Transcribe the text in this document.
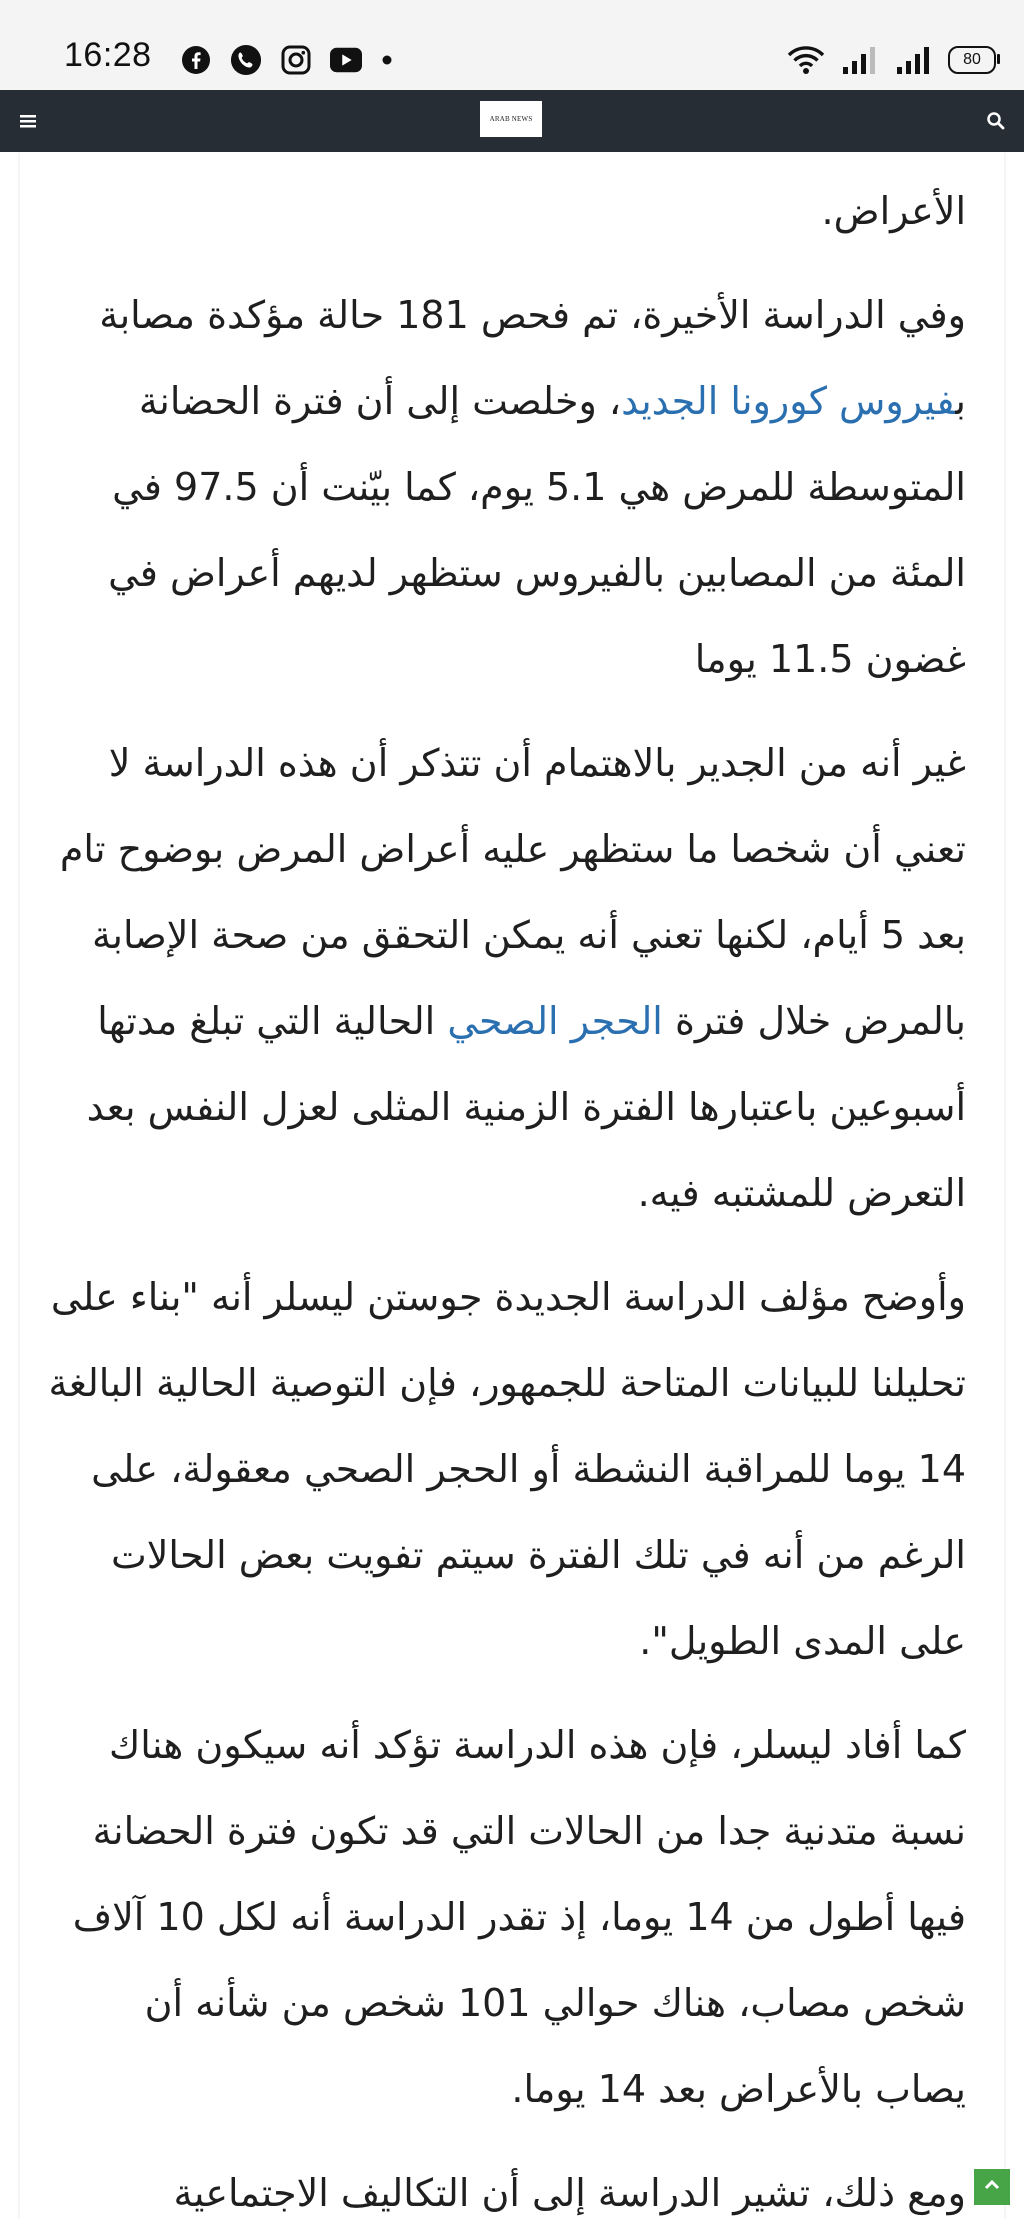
16:28	80
ARAB NEWS

الأعراض.

وفي الدراسة الأخيرة، تم فحص 181 حالة مؤكدة مصابة بفيروس كورونا الجديد، وخلصت إلى أن فترة الحضانة المتوسطة للمرض هي 5.1 يوم، كما بيّنت أن 97.5 في المئة من المصابين بالفيروس ستظهر لديهم أعراض في غضون 11.5 يوما

غير أنه من الجدير بالاهتمام أن تتذكر أن هذه الدراسة لا تعني أن شخصا ما ستظهر عليه أعراض المرض بوضوح تام بعد 5 أيام، لكنها تعني أنه يمكن التحقق من صحة الإصابة بالمرض خلال فترة الحجر الصحي الحالية التي تبلغ مدتها أسبوعين باعتبارها الفترة الزمنية المثلى لعزل النفس بعد التعرض للمشتبه فيه.

وأوضح مؤلف الدراسة الجديدة جوستن ليسلر أنه "بناء على تحليلنا للبيانات المتاحة للجمهور، فإن التوصية الحالية البالغة 14 يوما للمراقبة النشطة أو الحجر الصحي معقولة، على الرغم من أنه في تلك الفترة سيتم تفويت بعض الحالات على المدى الطويل".

كما أفاد ليسلر، فإن هذه الدراسة تؤكد أنه سيكون هناك نسبة متدنية جدا من الحالات التي قد تكون فترة الحضانة فيها أطول من 14 يوما، إذ تقدر الدراسة أنه لكل 10 آلاف شخص مصاب، هناك حوالي 101 شخص من شأنه أن يصاب بالأعراض بعد 14 يوما.

ومع ذلك، تشير الدراسة إلى أن التكاليف الاجتماعية
